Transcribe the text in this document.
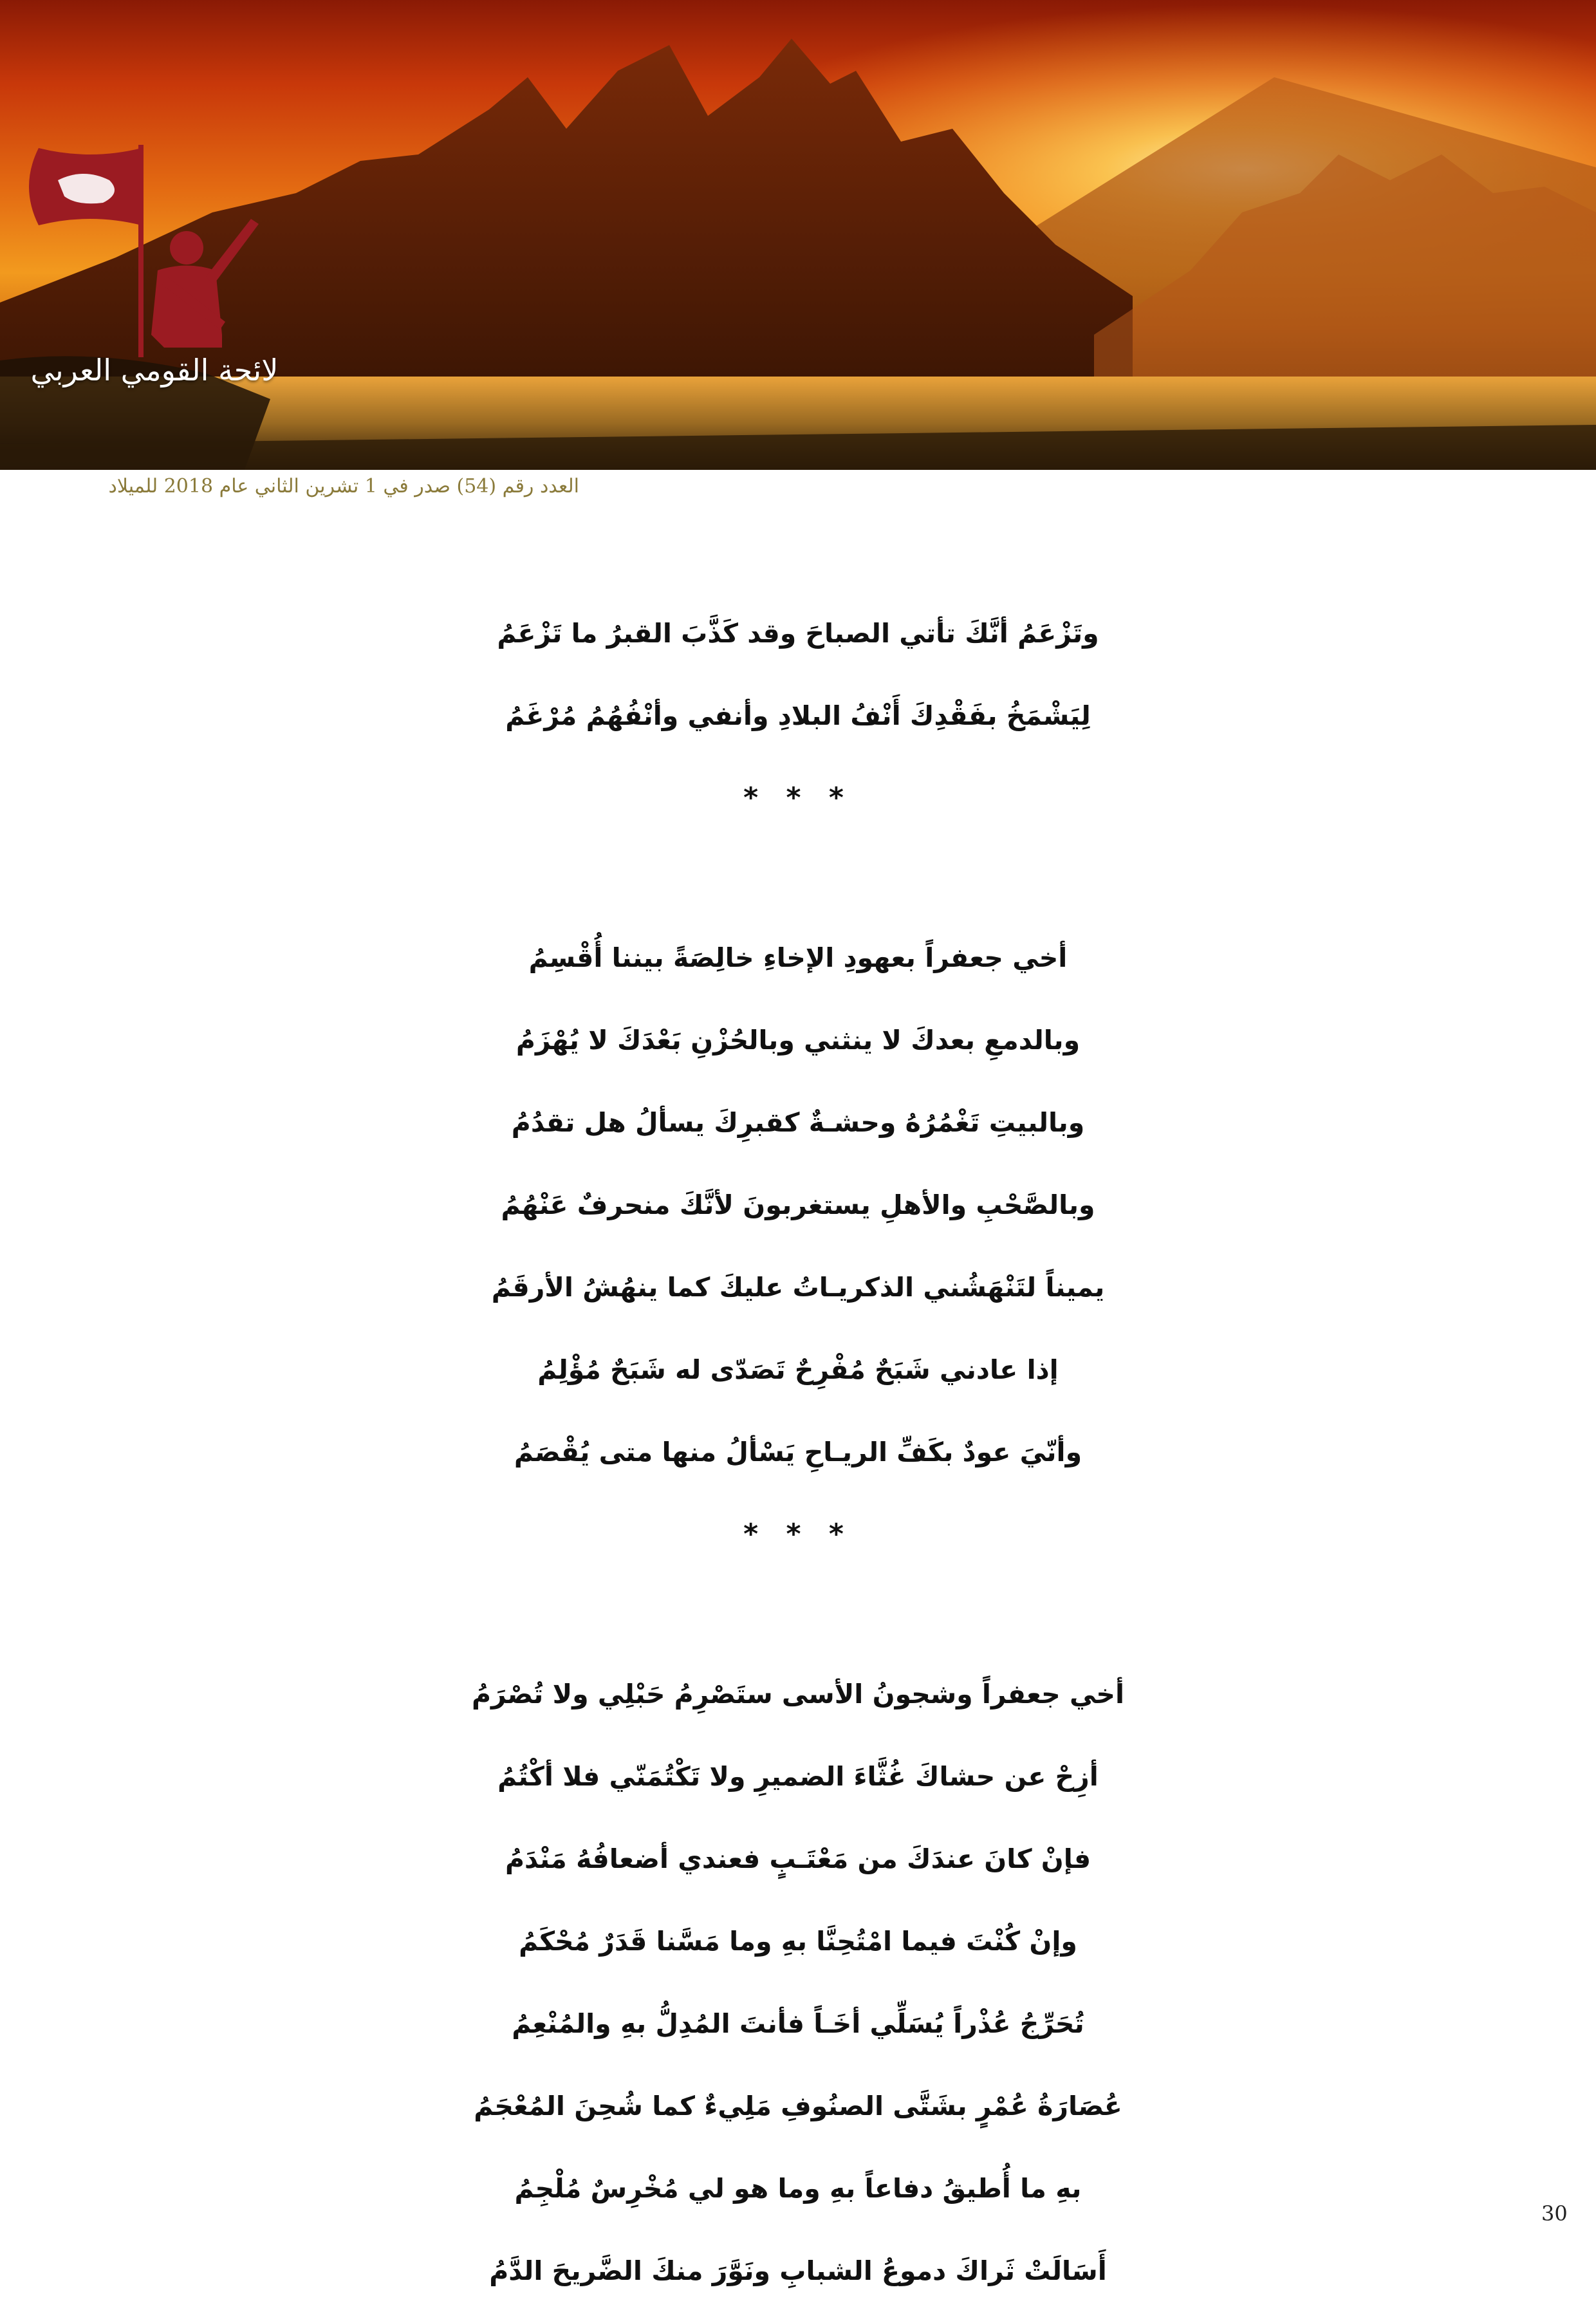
لائحة القومي العربي
العدد رقم (54) صدر في 1 تشرين الثاني عام 2018 للميلاد
وتَزْعَمُ أنَّكَ تأتي الصباحَ وقد كَذَّبَ القبرُ ما تَزْعَمُ
لِيَشْمَخُ بفَقْدِكَ أَنْفُ البلادِ وأنفي وأنْفُهُمُ مُرْغَمُ
* * *
أخي جعفراً بعهودِ الإخاءِ خالِصَةً بيننا أُقْسِمُ
وبالدمعِ بعدكَ لا ينثني وبالحُزْنِ بَعْدَكَ لا يُهْزَمُ
وبالبيتِ تَغْمُرُهُ وحشـةٌ كقبرِكَ يسألُ هل تقدُمُ
وبالصَّحْبِ والأهلِ يستغربونَ لأنَّكَ منحرفٌ عَنْهُمُ
يميناً لتَنْهَشُني الذكريـاتُ عليكَ كما ينهُشُ الأرقَمُ
إذا عادني شَبَحٌ مُفْرِحٌ تَصَدّى له شَبَحٌ مُؤْلِمُ
وأنّيَ عودٌ بكَفِّ الريـاحِ يَسْألُ منها متى يُقْصَمُ
* * *
أخي جعفراً وشجونُ الأسى ستَصْرِمُ حَبْلِي ولا تُصْرَمُ
أزِحْ عن حشاكَ غُثَّاءَ الضميرِ ولا تَكْتُمَنّي فلا أكْتُمُ
فإنْ كانَ عندَكَ من مَعْتَـبٍ فعندي أضعافُهُ مَنْدَمُ
وإنْ كُنْتَ فيما امْتُحِنَّا بهِ وما مَسَّنا قَدَرٌ مُحْكَمُ
تُحَرِّجُ عُذْراً يُسَلِّي أخَـاً فأنتَ المُدِلُّ بهِ والمُنْعِمُ
عُصَارَةُ عُمْرٍ بشَتَّى الصنُوفِ مَلِيءٌ كما شُحِنَ المُعْجَمُ
بهِ ما أُطيقُ دفاعاً بهِ وما هو لي مُخْرِسٌ مُلْجِمُ
أَسَالَتْ ثَراكَ دموعُ الشبابِ ونَوَّرَ منكَ الضَّريحَ الدَّمُ
30
